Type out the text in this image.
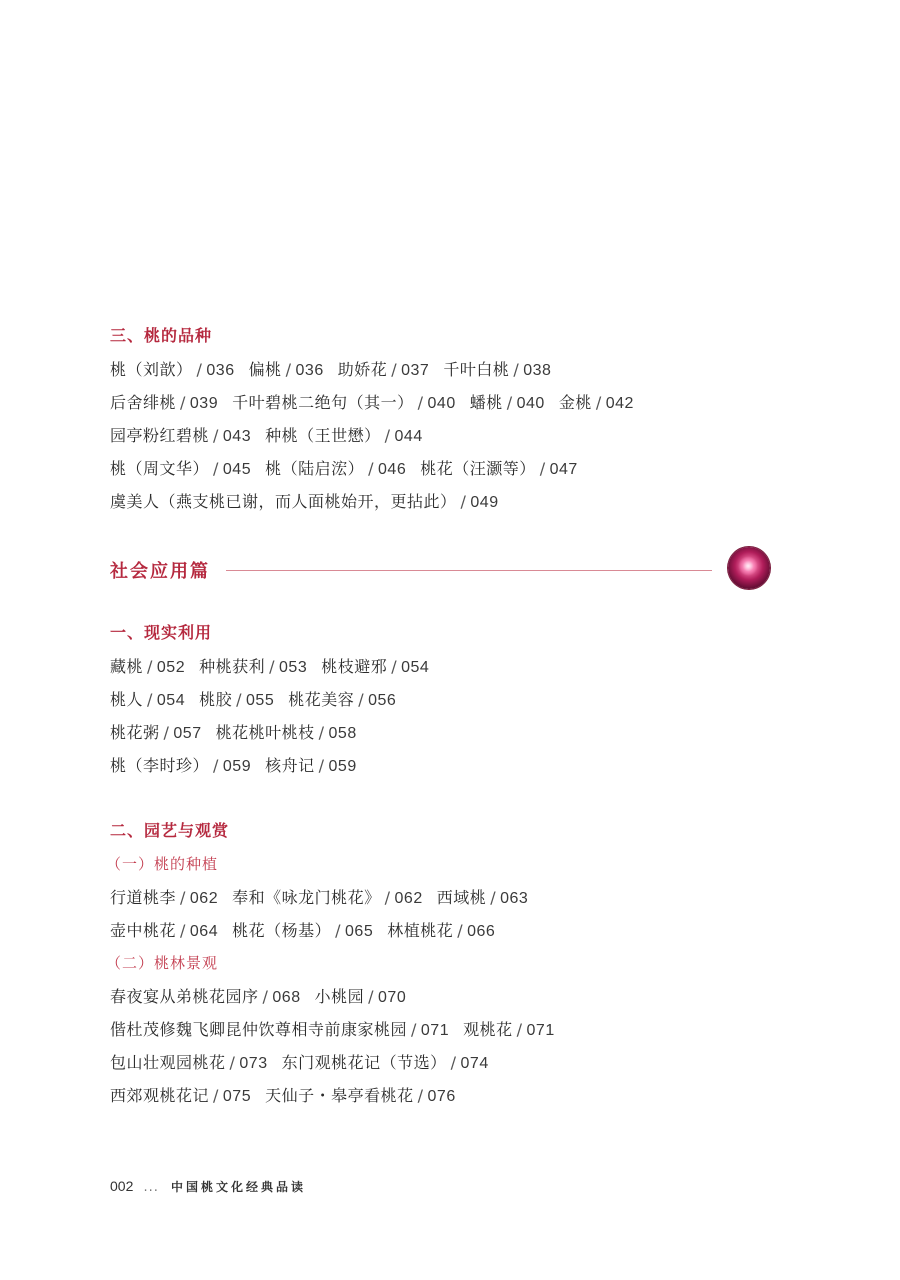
三、桃的品种
桃（刘歆） / 036 偏桃 / 036 助娇花 / 037 千叶白桃 / 038
后舍绯桃 / 039 千叶碧桃二绝句（其一） / 040 蟠桃 / 040 金桃 / 042
园亭粉红碧桃 / 043 种桃（王世懋） / 044
桃（周文华） / 045 桃（陆启浤） / 046 桃花（汪灏等） / 047
虞美人（燕支桃已谢，而人面桃始开，更拈此） / 049
社会应用篇
一、现实利用
藏桃 / 052 种桃获利 / 053 桃枝避邪 / 054
桃人 / 054 桃胶 / 055 桃花美容 / 056
桃花粥 / 057 桃花桃叶桃枝 / 058
桃（李时珍） / 059 核舟记 / 059
二、园艺与观赏
（一）桃的种植
行道桃李 / 062 奉和《咏龙门桃花》 / 062 西域桃 / 063
壶中桃花 / 064 桃花（杨基） / 065 林植桃花 / 066
（二）桃林景观
春夜宴从弟桃花园序 / 068 小桃园 / 070
偕杜茂修魏飞卿昆仲饮尊相寺前康家桃园 / 071 观桃花 / 071
包山壮观园桃花 / 073 东门观桃花记（节选） / 074
西郊观桃花记 / 075 天仙子・皋亭看桃花 / 076
002 ... 中国桃文化经典品读
